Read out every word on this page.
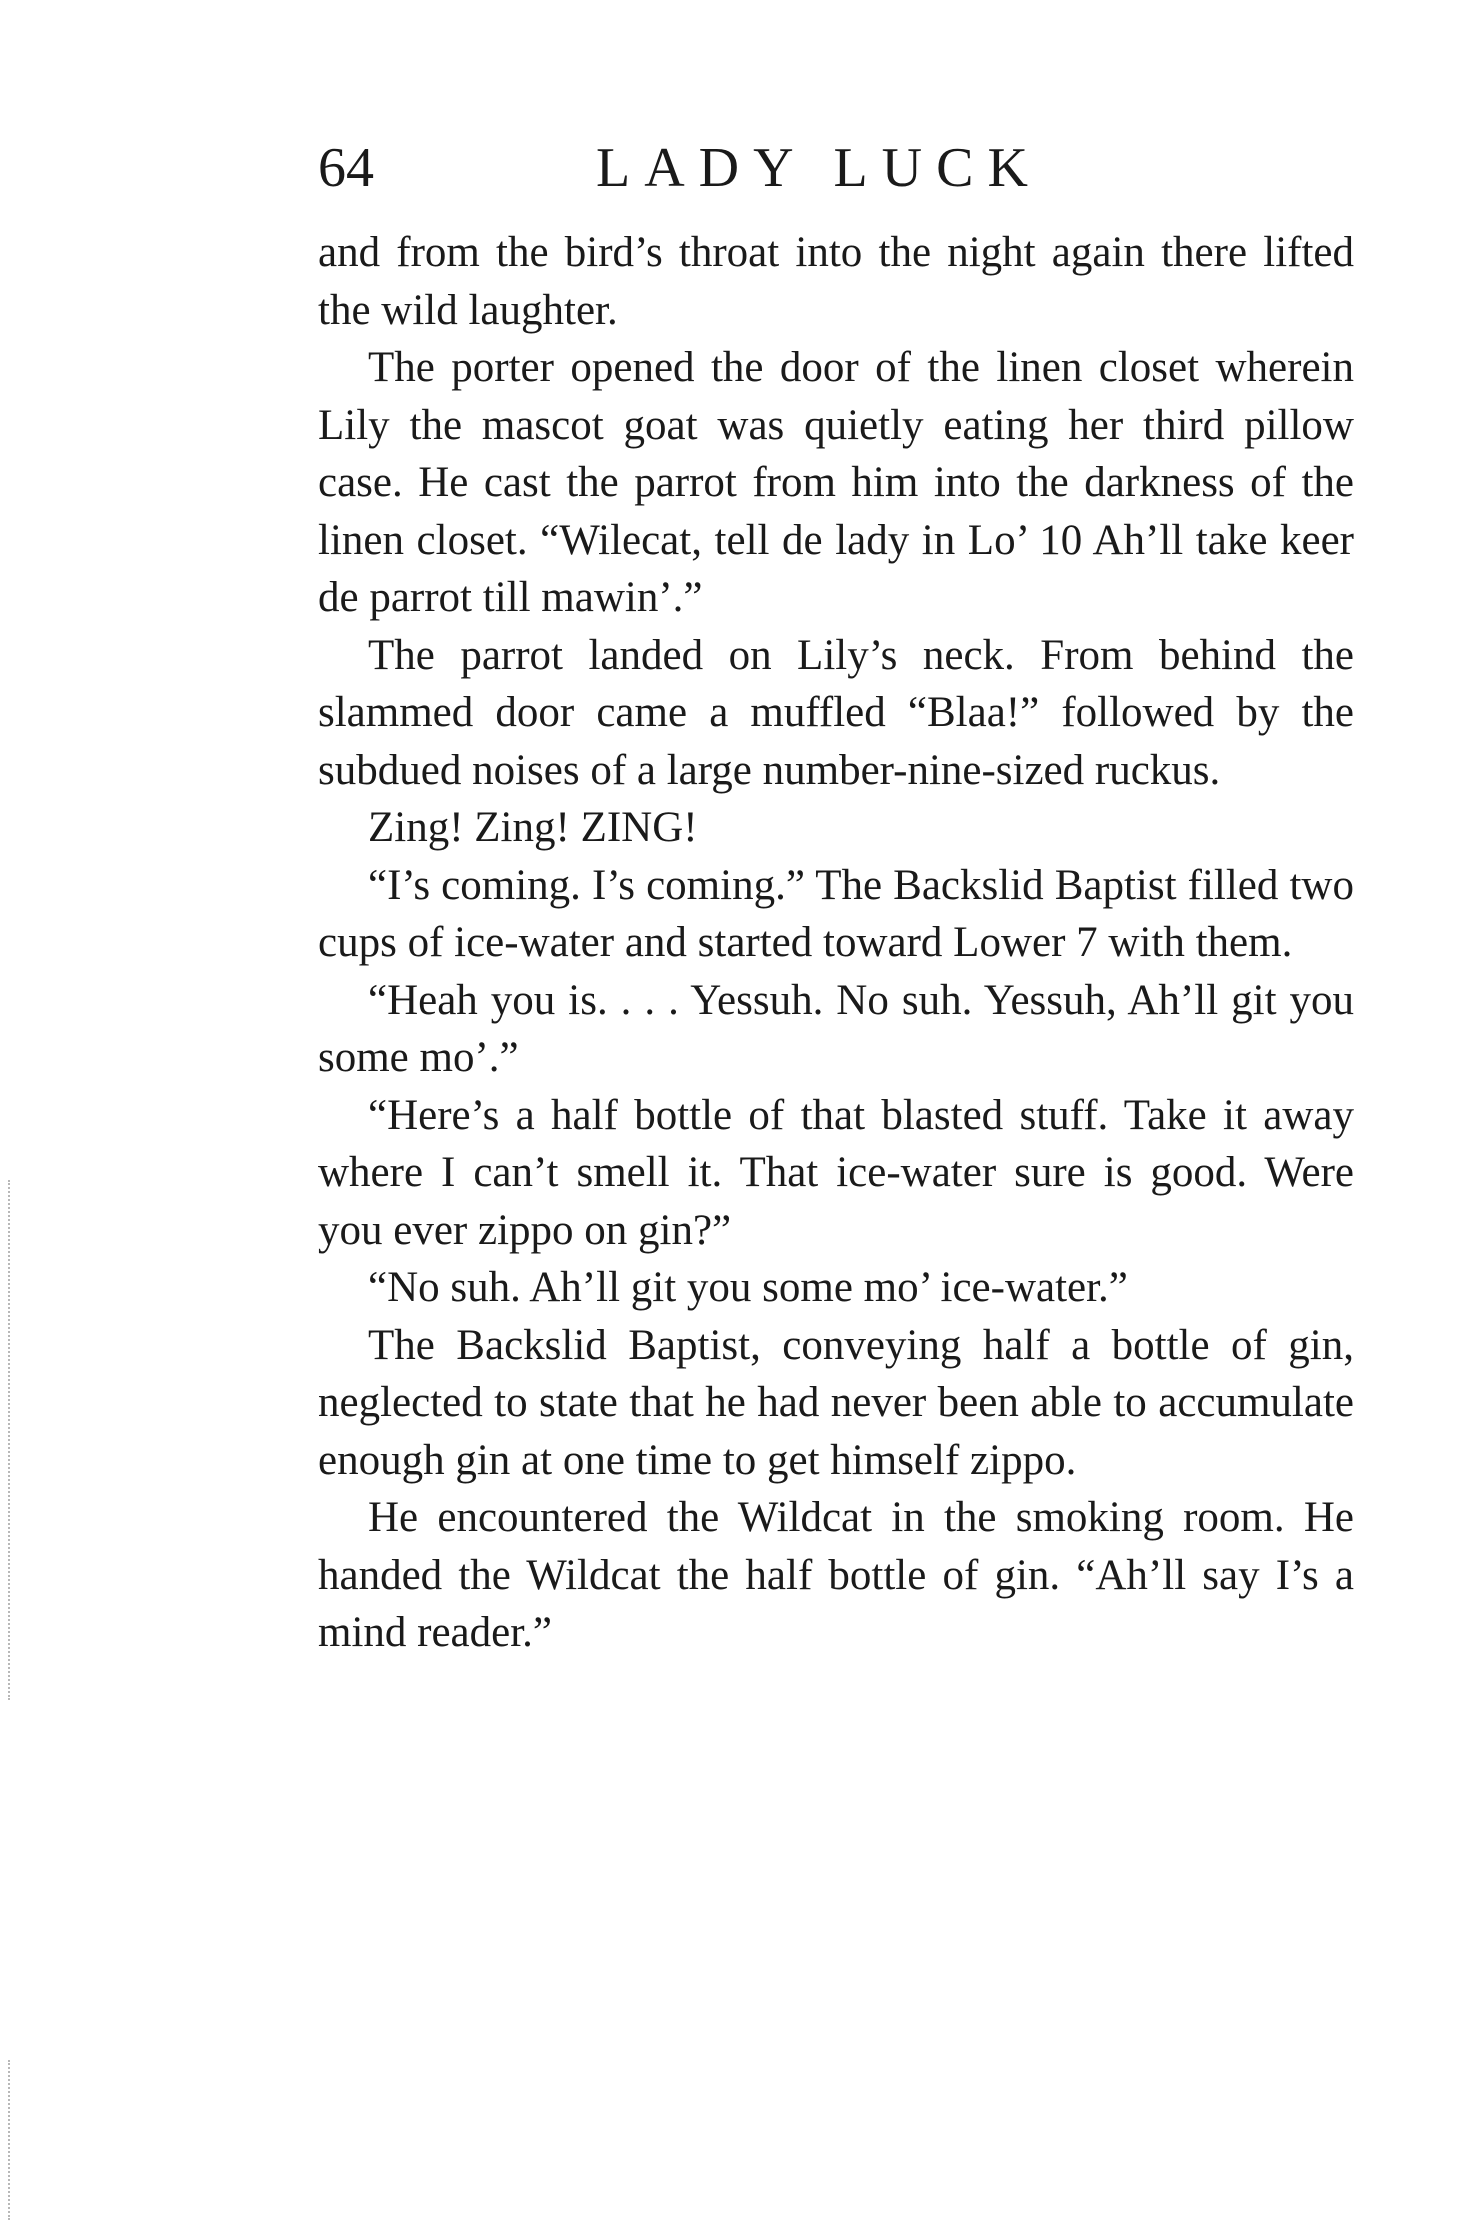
64	LADY LUCK

and from the bird’s throat into the night again there lifted the wild laughter.

The porter opened the door of the linen closet wherein Lily the mascot goat was quietly eating her third pillow case. He cast the parrot from him into the darkness of the linen closet. “Wilecat, tell de lady in Lo’ 10 Ah’ll take keer de parrot till mawin’.”

The parrot landed on Lily’s neck. From behind the slammed door came a muffled “Blaa!” followed by the subdued noises of a large number-nine-sized ruckus.

Zing! Zing! ZING!

“I’s coming. I’s coming.” The Backslid Baptist filled two cups of ice-water and started toward Lower 7 with them.

“Heah you is. . . . Yessuh. No suh. Yessuh, Ah’ll git you some mo’.”

“Here’s a half bottle of that blasted stuff. Take it away where I can’t smell it. That ice-water sure is good. Were you ever zippo on gin?”

“No suh. Ah’ll git you some mo’ ice-water.”

The Backslid Baptist, conveying half a bottle of gin, neglected to state that he had never been able to accumulate enough gin at one time to get himself zippo.

He encountered the Wildcat in the smoking room. He handed the Wildcat the half bottle of gin. “Ah’ll say I’s a mind reader.”
